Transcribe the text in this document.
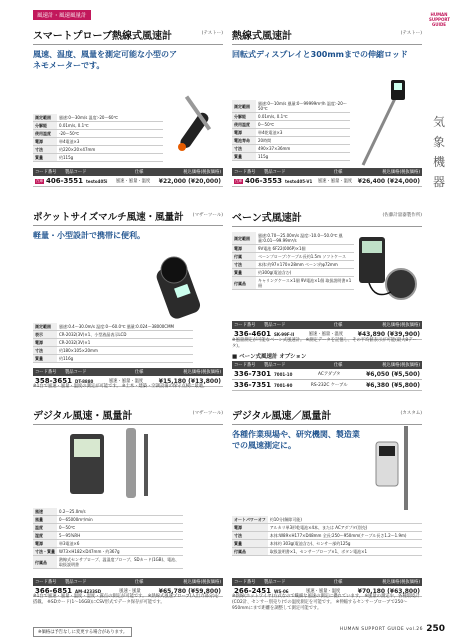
風速計・風速風量計	HUMAN SUPPORT GUIDE
気象機器
スマートプローブ熱線式風速計	(テストー)
風速、温度、風量を測定可能な小型のアネモメーターです。
測定範囲	風速:0〜30m/s 温度:-20〜60℃
分解能	0.01m/s, 0.1℃
使用温度	-20〜50℃
電源	単4電池×3
寸法	約220×20×47mm
質量	約115g
コード番号	製品コード	仕様	税込価格(税抜価格)
在庫 406-3551 testo405i	風速・風量・温度	¥22,000 (¥20,000)
熱線式風速計	(テストー)
回転式ディスプレイと300mmまでの伸縮ロッド
測定範囲	風速:0〜10m/s 風量:0〜99999m³/h 温度:-20〜50℃
分解能	0.01m/s, 0.1℃
使用温度	0〜50℃
電源	単4乾電池×3
電池寿命	20時間
寸法	490×37×36mm
質量	115g
コード番号	製品コード	仕様	税込価格(税抜価格)
在庫 406-3553 testo405-V1	風速・風量・温度 ¥26,400 (¥24,000)
ポケットサイズマルチ風速・風量計	(マザーツール)
軽量・小型設計で携帯に便利。
測定範囲	風速:0.4〜30.0m/s 温度:0〜60.0℃ 風量:0.024〜38000CMM
表示	CR-2032(3V)×1、小型液晶表示LCD
電源	CR-2032(3V)×1
寸法	約180×105×20mm
質量	約116g
コード番号	製品コード	仕様	税込価格(税抜価格)
358-3651 DT-8880	風速・風量・温度	¥15,180 (¥13,800)
※1台で風速・風量・温度の測定が可能です。 ※土木・建築・空調設備の保守点検に最適。
ベーン式風速計	(佐藤計量器製作所)
測定範囲	風速:0.70〜25.00m/s 温度:-10.0〜50.0℃ 風量:0.01〜99.99m³/s
電源	9V電池 6F22(006P)×1個
付属	ベーンプローブ:ケーブル長約1.5m ソフトケース
寸法	本体:約97×170×28mm ベーン:約φ72mm
質量	約300g(電池含む)
付属品	キャリングケース×1個 9V電池×1個 取扱説明書×1冊
コード番号	製品コード	仕様	税込価格(税抜価格)
336-4601 SK-99F-II	風速・風量・温度	¥43,890 (¥39,900)
※風量測定が可能なベーン式風速計。 ※測定データを記憶し、その平均値表示が可能(最大8データ)。
■ ベーン式風速計 オプション
コード番号	製品コード	仕様	税込価格(税抜価格)
336-7301 7001-10	ACアダプタ	¥6,050 (¥5,500)
336-7351 7001-90	RS-232C ケーブル	¥6,380 (¥5,800)
デジタル風速・風量計	(マザーツール)
風速	0.2〜25.0m/s
風量	0〜65000m³/min
温度	0〜50℃
湿度	5〜95%RH
電源	単3電池×6
寸法・質量	W73×H182×D47mm・約367g
付属品	熱線式センサプローブ、温湿度プローブ、SDカード(1GB)、電池、取扱説明書
コード番号	製品コード	仕様	税込価格(税抜価格)
366-6851 AM-4233SD	風速・風量	¥65,780 (¥59,800)
※1台で風速・風量・温度・湿度・露点の測定が可能です。 ※熱線式風速プローブ(入出力部分)を搭載。 ※SDカード(1〜16GB)にCSV形式でデータ保存が可能です。
デジタル風速／風量計	(カスタム)
各種作業現場や、研究機関、製造業での風速測定に。
オートパワーオフ	約10分(解除可能)
電源	アルカリ単3形乾電池×4本、または ACアダプタ(別売)
寸法	本体:W89×H177×D48mm 全長:250〜950mm(ケーブル長さ1.2〜1.9m)
質量	本体約 303g(電池含む)、センサー部約125g
付属品	取扱説明書×1、センサープローブ×1、ボタン電池×1
コード番号	製品コード	仕様	税込価格(税抜価格)
266-2451 WS-06	風速・風量・温度	¥70,180 (¥63,800)
※熱線(ホットワイヤ)方式なので繊細な風速の測定に優れています。 ※風量の測定や、各種環境計(CO2計、センサー別売り)での温度測定を可能です。 ※伸縮するセンサープローブで250〜950mmにまで距離を調整して測定可能です。
※価格は予告なしに変更する場合があります。
HUMAN SUPPORT GUIDE vol.26 250
